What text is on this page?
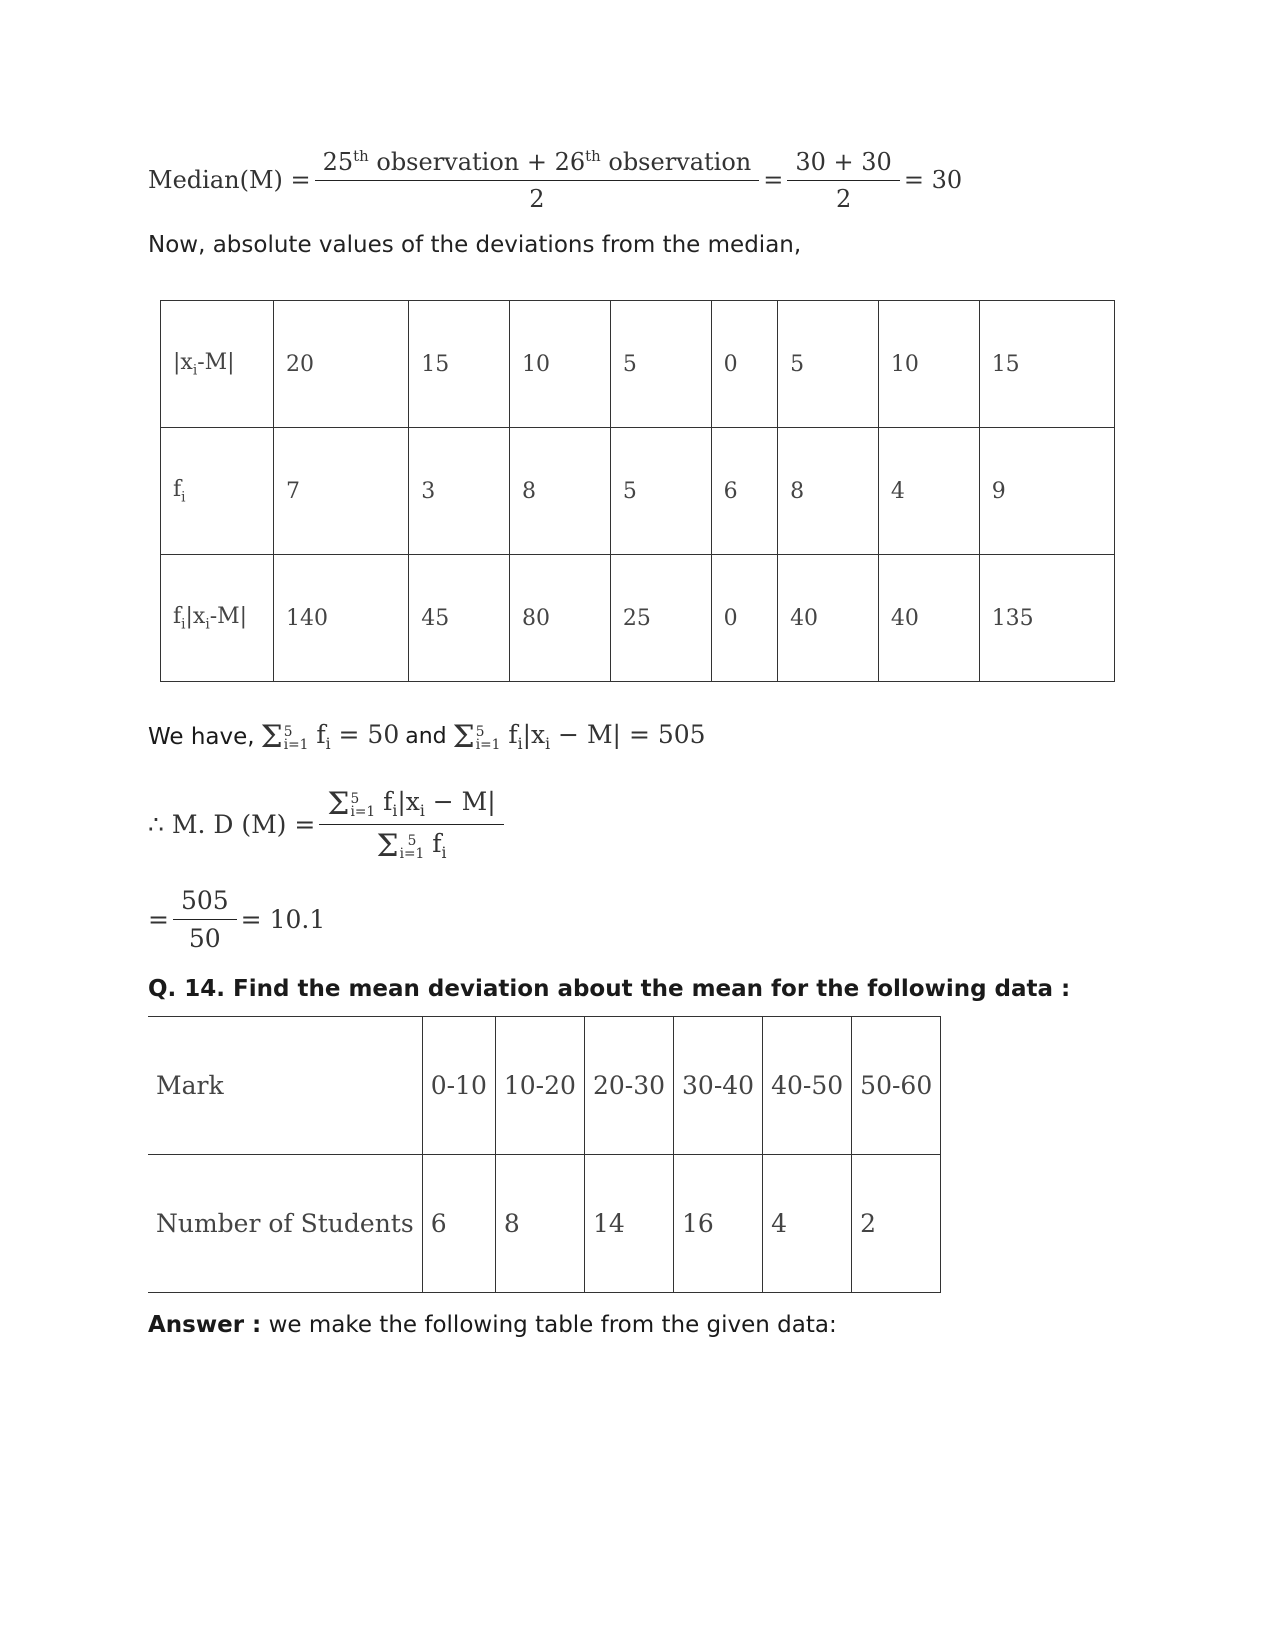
Median(M) = $\frac{25^{th} observation + 26^{th} observation}{2} = \frac{30 + 30}{2} = 30$
Now, absolute values of the deviations from the median,
$|x_i-M|$	20	15	10	5	0	5	10	15
$f_i$	7	3	8	5	6	8	4	9
$f_i|x_i-M|$	140	45	80	25	0	40	40	135
We have, Σ 5
i=1 $f_i = 50$ and Σ 5
i=1 $f_i|x_i - M| = 505$
∴ M. D (M) = Σ 5
i=1 $f_i|x_i - M|$
Σ 5
i=1 $f_i$
= $\frac{505}{50} = 10.1$
Q. 14. Find the mean deviation about the mean for the following data :
Mark	0-10	10-20	20-30	30-40	40-50	50-60
Number of Students	6	8	14	16	4	2
Answer : we make the following table from the given data:
